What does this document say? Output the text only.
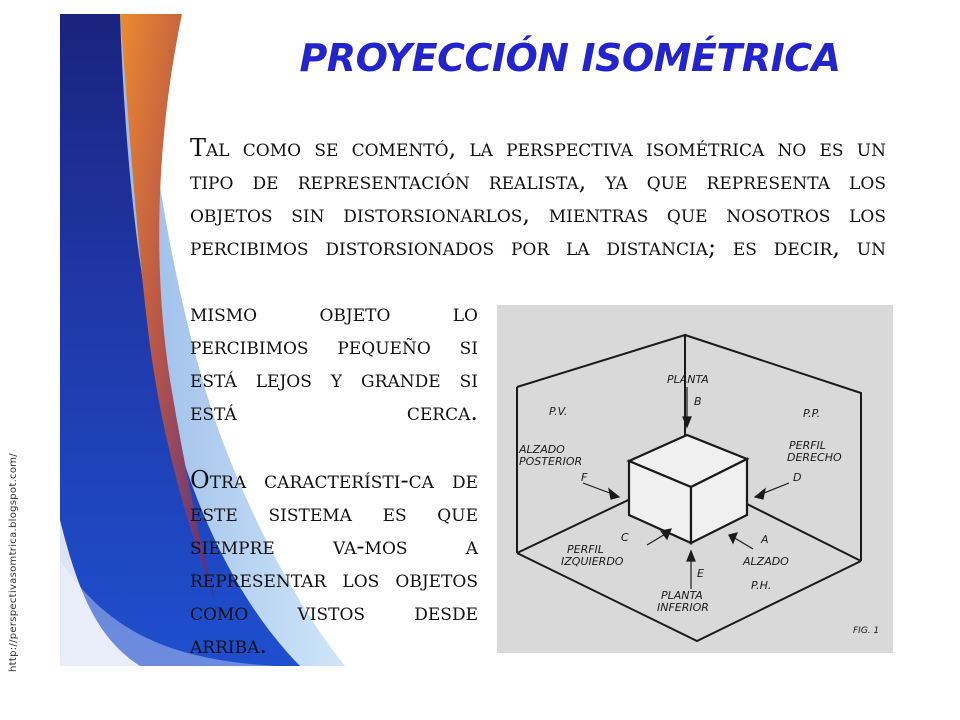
PROYECCIÓN ISOMÉTRICA

Tal como se comentó, la perspectiva isométrica no es un tipo de representación realista, ya que representa los objetos sin distorsionarlos, mientras que nosotros los percibimos distorsionados por la distancia; es decir, un

mismo objeto lo percibimos pequeño si está lejos y grande si está cerca.

Otra característi-ca de este sistema es que siempre va-mos a representar los objetos como vistos desde arriba.

http://perspectivasomtrica.blogspot.com/
PLANTA
B
P.V.	P.P.
ALZADO
POSTERIOR
F
PERFIL
DERECHO
D
C	A
PERFIL
IZQUIERDO	ALZADO
E
P.H.
PLANTA
INFERIOR
FIG. 1
